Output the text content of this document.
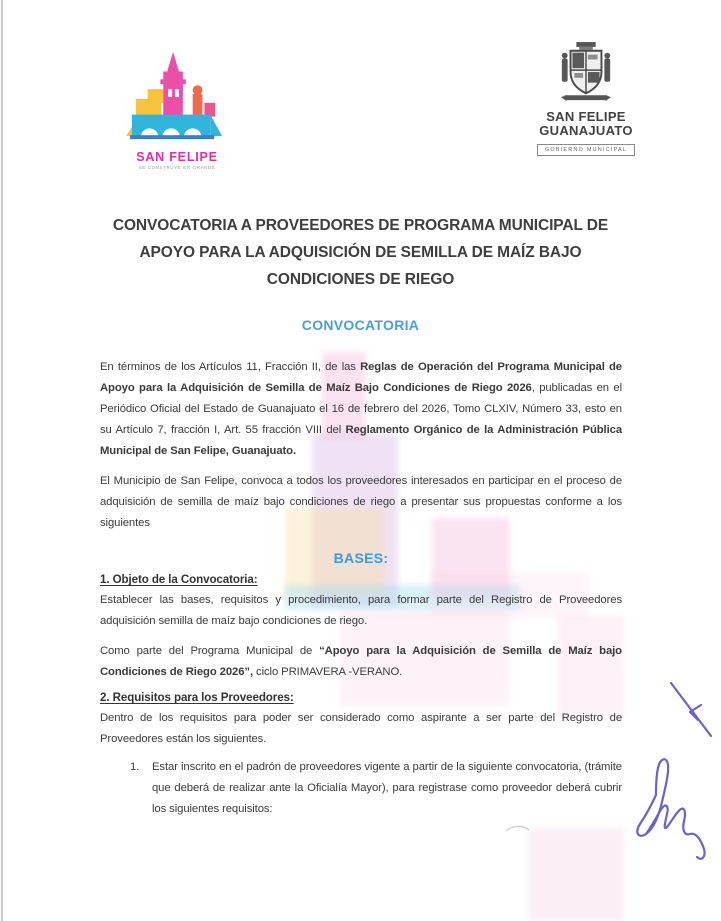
SAN FELIPE
SE CONSTRUYE EN GRANDE
SAN FELIPE
GUANAJUATO
GOBIERNO MUNICIPAL
CONVOCATORIA A PROVEEDORES DE PROGRAMA MUNICIPAL DE
APOYO PARA LA ADQUISICIÓN DE SEMILLA DE MAÍZ BAJO
CONDICIONES DE RIEGO
CONVOCATORIA

En términos de los Artículos 11, Fracción II, de las Reglas de Operación del Programa Municipal de Apoyo para la Adquisición de Semilla de Maíz Bajo Condiciones de Riego 2026, publicadas en el Periódico Oficial del Estado de Guanajuato el 16 de febrero del 2026, Tomo CLXIV, Número 33, esto en su Artículo 7, fracción I, Art. 55 fracción VIII del Reglamento Orgánico de la Administración Pública Municipal de San Felipe, Guanajuato.

El Municipio de San Felipe, convoca a todos los proveedores interesados en participar en el proceso de adquisición de semilla de maíz bajo condiciones de riego a presentar sus propuestas conforme a los siguientes

BASES:

1. Objeto de la Convocatoria:

Establecer las bases, requisitos y procedimiento, para formar parte del Registro de Proveedores adquisición semilla de maíz bajo condiciones de riego.

Como parte del Programa Municipal de “Apoyo para la Adquisición de Semilla de Maíz bajo Condiciones de Riego 2026”, ciclo PRIMAVERA -VERANO.

2. Requisitos para los Proveedores:

Dentro de los requisitos para poder ser considerado como aspirante a ser parte del Registro de Proveedores están los siguientes.

1.	Estar inscrito en el padrón de proveedores vigente a partir de la siguiente convocatoria, (trámite que deberá de realizar ante la Oficialía Mayor), para registrase como proveedor deberá cubrir los siguientes requisitos:
